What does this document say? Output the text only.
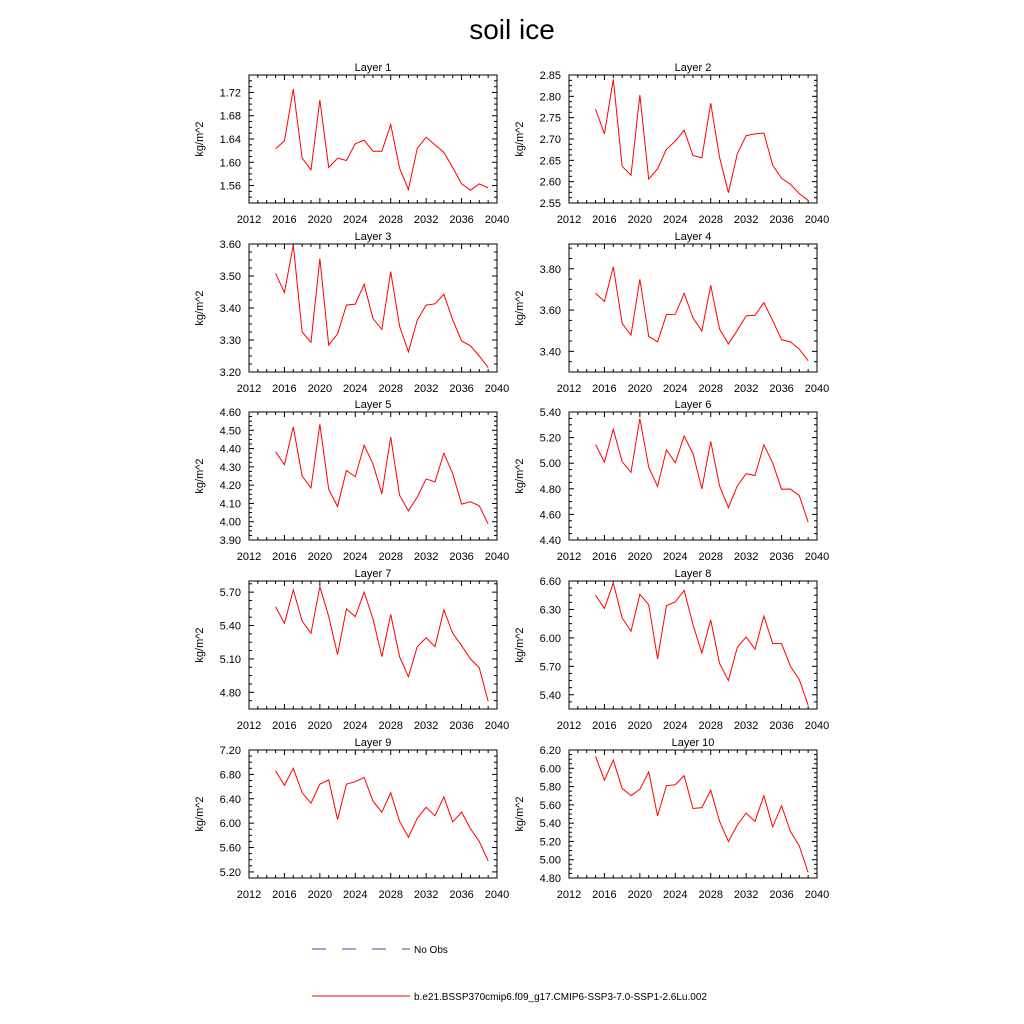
soil ice
Layer 1
kg/m^2
2012 2016 2020 2024 2028 2032 2036 2040
1.56
1.60
1.64
1.68
1.72
Layer 2
kg/m^2
2012 2016 2020 2024 2028 2032 2036 2040
2.55
2.60
2.65
2.70
2.75
2.80
2.85
Layer 3
kg/m^2
2012 2016 2020 2024 2028 2032 2036 2040
3.20
3.30
3.40
3.50
3.60
Layer 4
kg/m^2
2012 2016 2020 2024 2028 2032 2036 2040
3.40
3.60
3.80
Layer 5
kg/m^2
2012 2016 2020 2024 2028 2032 2036 2040
3.90
4.00
4.10
4.20
4.30
4.40
4.50
4.60
Layer 6
kg/m^2
2012 2016 2020 2024 2028 2032 2036 2040
4.40
4.60
4.80
5.00
5.20
5.40
Layer 7
kg/m^2
2012 2016 2020 2024 2028 2032 2036 2040
4.80
5.10
5.40
5.70
Layer 8
kg/m^2
2012 2016 2020 2024 2028 2032 2036 2040
5.40
5.70
6.00
6.30
6.60
Layer 9
kg/m^2
2012 2016 2020 2024 2028 2032 2036 2040
5.20
5.60
6.00
6.40
6.80
7.20
Layer 10
kg/m^2
2012 2016 2020 2024 2028 2032 2036 2040
4.80
5.00
5.20
5.40
5.60
5.80
6.00
6.20
No Obs
b.e21.BSSP370cmip6.f09_g17.CMIP6-SSP3-7.0-SSP1-2.6Lu.002
